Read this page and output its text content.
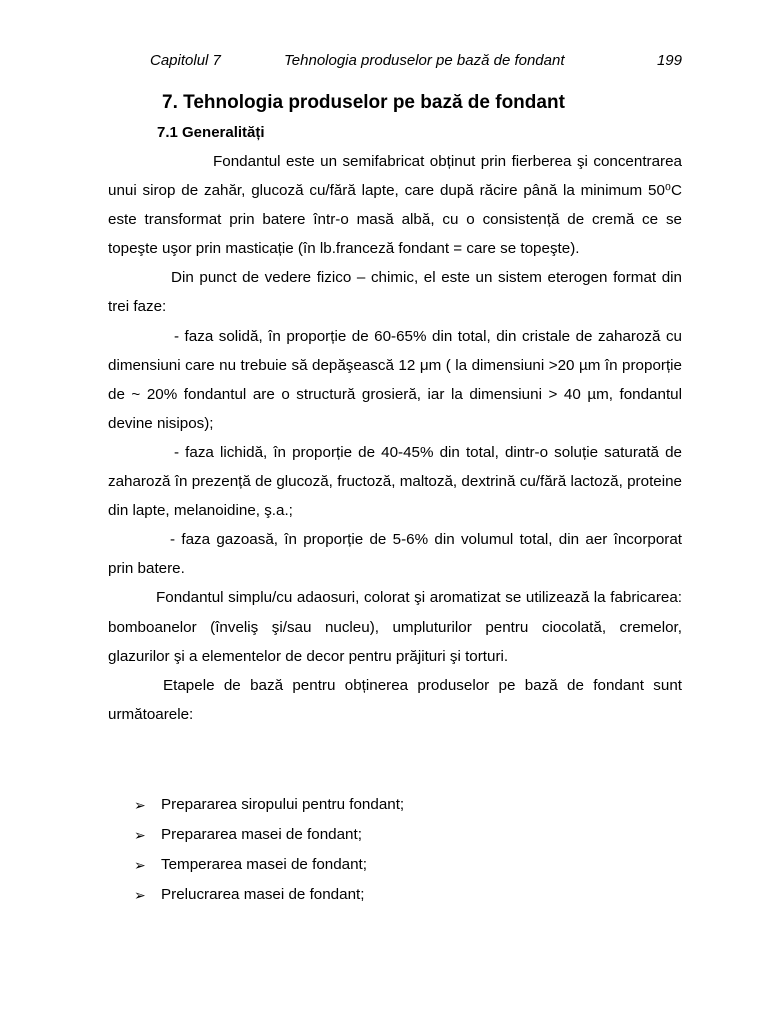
Capitolul 7	Tehnologia produselor pe bază de fondant	199
7. Tehnologia produselor pe bază de fondant
7.1 Generalități

Fondantul este un semifabricat obținut prin fierberea şi concentrarea unui sirop de zahăr, glucoză cu/fără lapte, care după răcire până la minimum 50⁰C este transformat prin batere într-o masă albă, cu o consistență de cremă ce se topeşte uşor prin masticație (în lb.franceză fondant = care se topeşte).

Din punct de vedere fizico – chimic, el este un sistem eterogen format din trei faze:

- faza solidă, în proporție de 60-65% din total, din cristale de zaharoză cu dimensiuni care nu trebuie să depăşească 12 μm ( la dimensiuni >20 µm în proporție de ~ 20% fondantul are o structură grosieră, iar la dimensiuni > 40 µm, fondantul devine nisipos);

- faza lichidă, în proporție de 40-45% din total, dintr-o soluție saturată de zaharoză în prezență de glucoză, fructoză, maltoză, dextrină cu/fără lactoză, proteine din lapte, melanoidine, ş.a.;

- faza gazoasă, în proporție de 5-6% din volumul total, din aer încorporat prin batere.

Fondantul simplu/cu adaosuri, colorat şi aromatizat se utilizează la fabricarea: bomboanelor (înveliş şi/sau nucleu), umpluturilor pentru ciocolată, cremelor, glazurilor şi a elementelor de decor pentru prăjituri şi torturi.

Etapele de bază pentru obținerea produselor pe bază de fondant sunt următoarele:

➢ Prepararea siropului pentru fondant;
➢ Prepararea masei de fondant;
➢ Temperarea masei de fondant;
➢ Prelucrarea masei de fondant;
